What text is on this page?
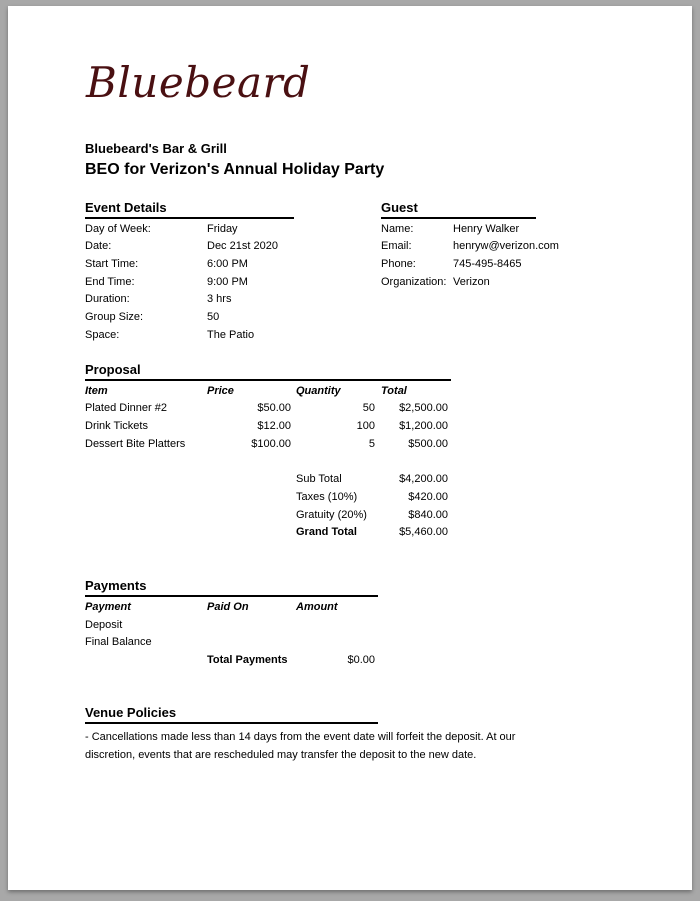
Bluebeard
Bluebeard's Bar & Grill
BEO for Verizon's Annual Holiday Party
Event Details
Day of Week:	Friday
Date:	Dec 21st 2020
Start Time:	6:00 PM
End Time:	9:00 PM
Duration:	3 hrs
Group Size:	50
Space:	The Patio
Guest
Name:	Henry Walker
Email:	henryw@verizon.com
Phone:	745-495-8465
Organization: Verizon
Proposal
Item	Price	Quantity	Total
Plated Dinner #2	$50.00	50	$2,500.00
Drink Tickets	$12.00	100	$1,200.00
Dessert Bite Platters	$100.00	5	$500.00
Sub Total	$4,200.00
Taxes (10%)	$420.00
Gratuity (20%)	$840.00
Grand Total	$5,460.00
Payments
Payment	Paid On	Amount
Deposit
Final Balance
Total Payments	$0.00
Venue Policies
- Cancellations made less than 14 days from the event date will forfeit the deposit. At our discretion, events that are rescheduled may transfer the deposit to the new date.
